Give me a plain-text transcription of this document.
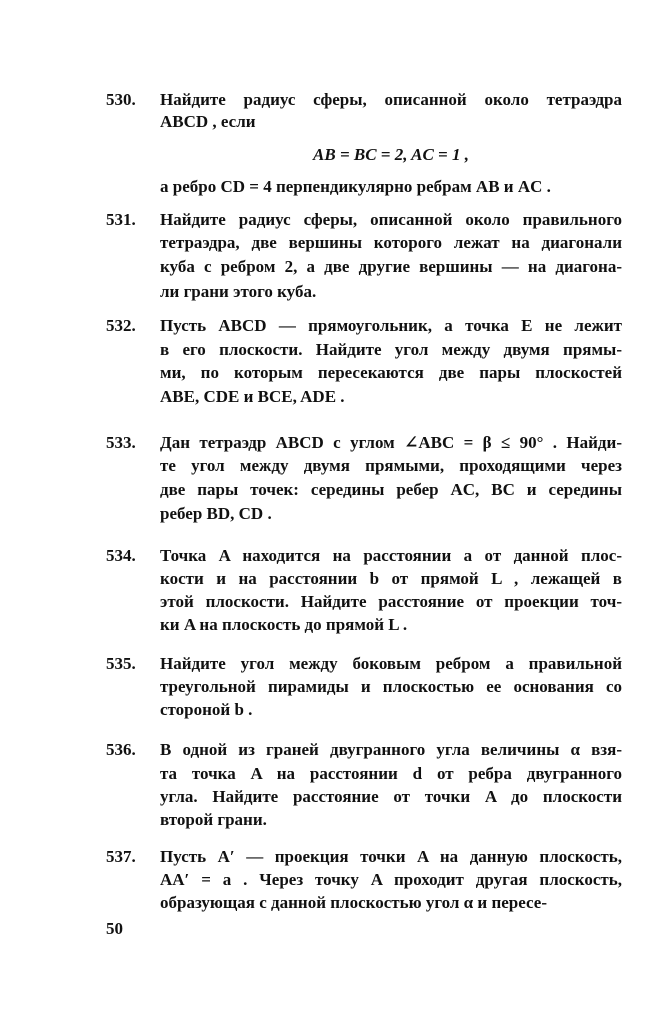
530. Найдите радиус сферы, описанной около тетраэдра
ABCD , если
AB = BC = 2, AC = 1 ,
а ребро CD = 4 перпендикулярно ребрам AB и AC .
531. Найдите радиус сферы, описанной около правильного
тетраэдра, две вершины которого лежат на диагонали
куба с ребром 2, а две другие вершины — на диагона-
ли грани этого куба.
532. Пусть ABCD — прямоугольник, а точка E не лежит
в его плоскости. Найдите угол между двумя прямы-
ми, по которым пересекаются две пары плоскостей
ABE, CDE и BCE, ADE .
533. Дан тетраэдр ABCD с углом ∠ABC = β ≤ 90° . Найди-
те угол между двумя прямыми, проходящими через
две пары точек: середины ребер AC, BC и середины
ребер BD, CD .
534. Точка A находится на расстоянии a от данной плос-
кости и на расстоянии b от прямой L , лежащей в
этой плоскости. Найдите расстояние от проекции точ-
ки A на плоскость до прямой L .
535. Найдите угол между боковым ребром a правильной
треугольной пирамиды и плоскостью ее основания со
стороной b .
536. В одной из граней двугранного угла величины α взя-
та точка A на расстоянии d от ребра двугранного
угла. Найдите расстояние от точки A до плоскости
второй грани.
537. Пусть A′ — проекция точки A на данную плоскость,
AA′ = a . Через точку A проходит другая плоскость,
образующая с данной плоскостью угол α и пересе-
50
